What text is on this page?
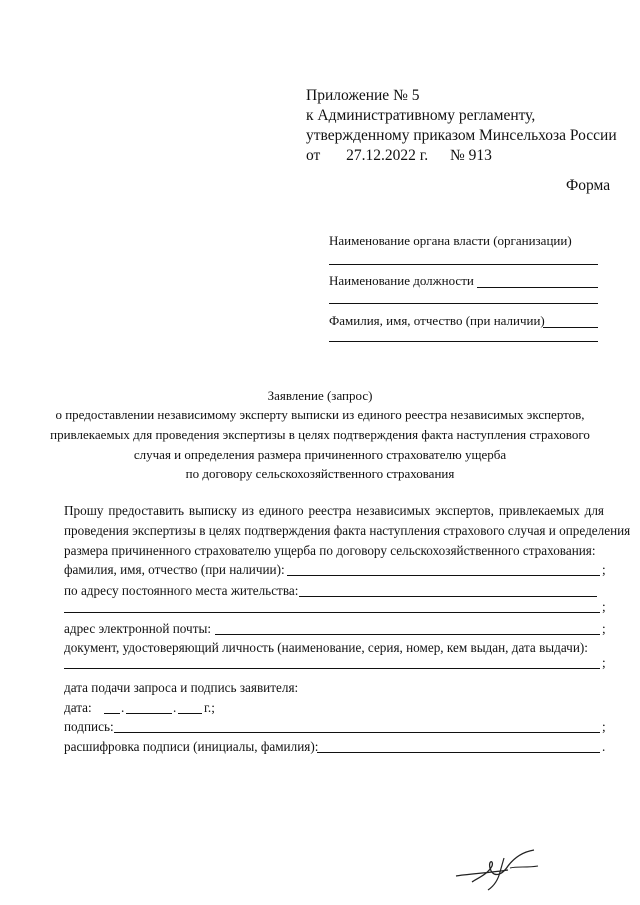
Приложение № 5
к Административному регламенту,
утвержденному приказом Минсельхоза России
от 27.12.2022 г. № 913
Форма
Наименование органа власти (организации)
Наименование должности
Фамилия, имя, отчество (при наличии)
Заявление (запрос)
о предоставлении независимому эксперту выписки из единого реестра независимых экспертов,
привлекаемых для проведения экспертизы в целях подтверждения факта наступления страхового
случая и определения размера причиненного страхователю ущерба
по договору сельскохозяйственного страхования
Прошу предоставить выписку из единого реестра независимых экспертов, привлекаемых для
проведения экспертизы в целях подтверждения факта наступления страхового случая и определения
размера причиненного страхователю ущерба по договору сельскохозяйственного страхования:
фамилия, имя, отчество (при наличии):	;
по адресу постоянного места жительства:
;
адрес электронной почты:	;
документ, удостоверяющий личность (наименование, серия, номер, кем выдан, дата выдачи):
;
дата подачи запроса и подпись заявителя:
дата: .	. г.;
подпись:	;
расшифровка подписи (инициалы, фамилия):	.
